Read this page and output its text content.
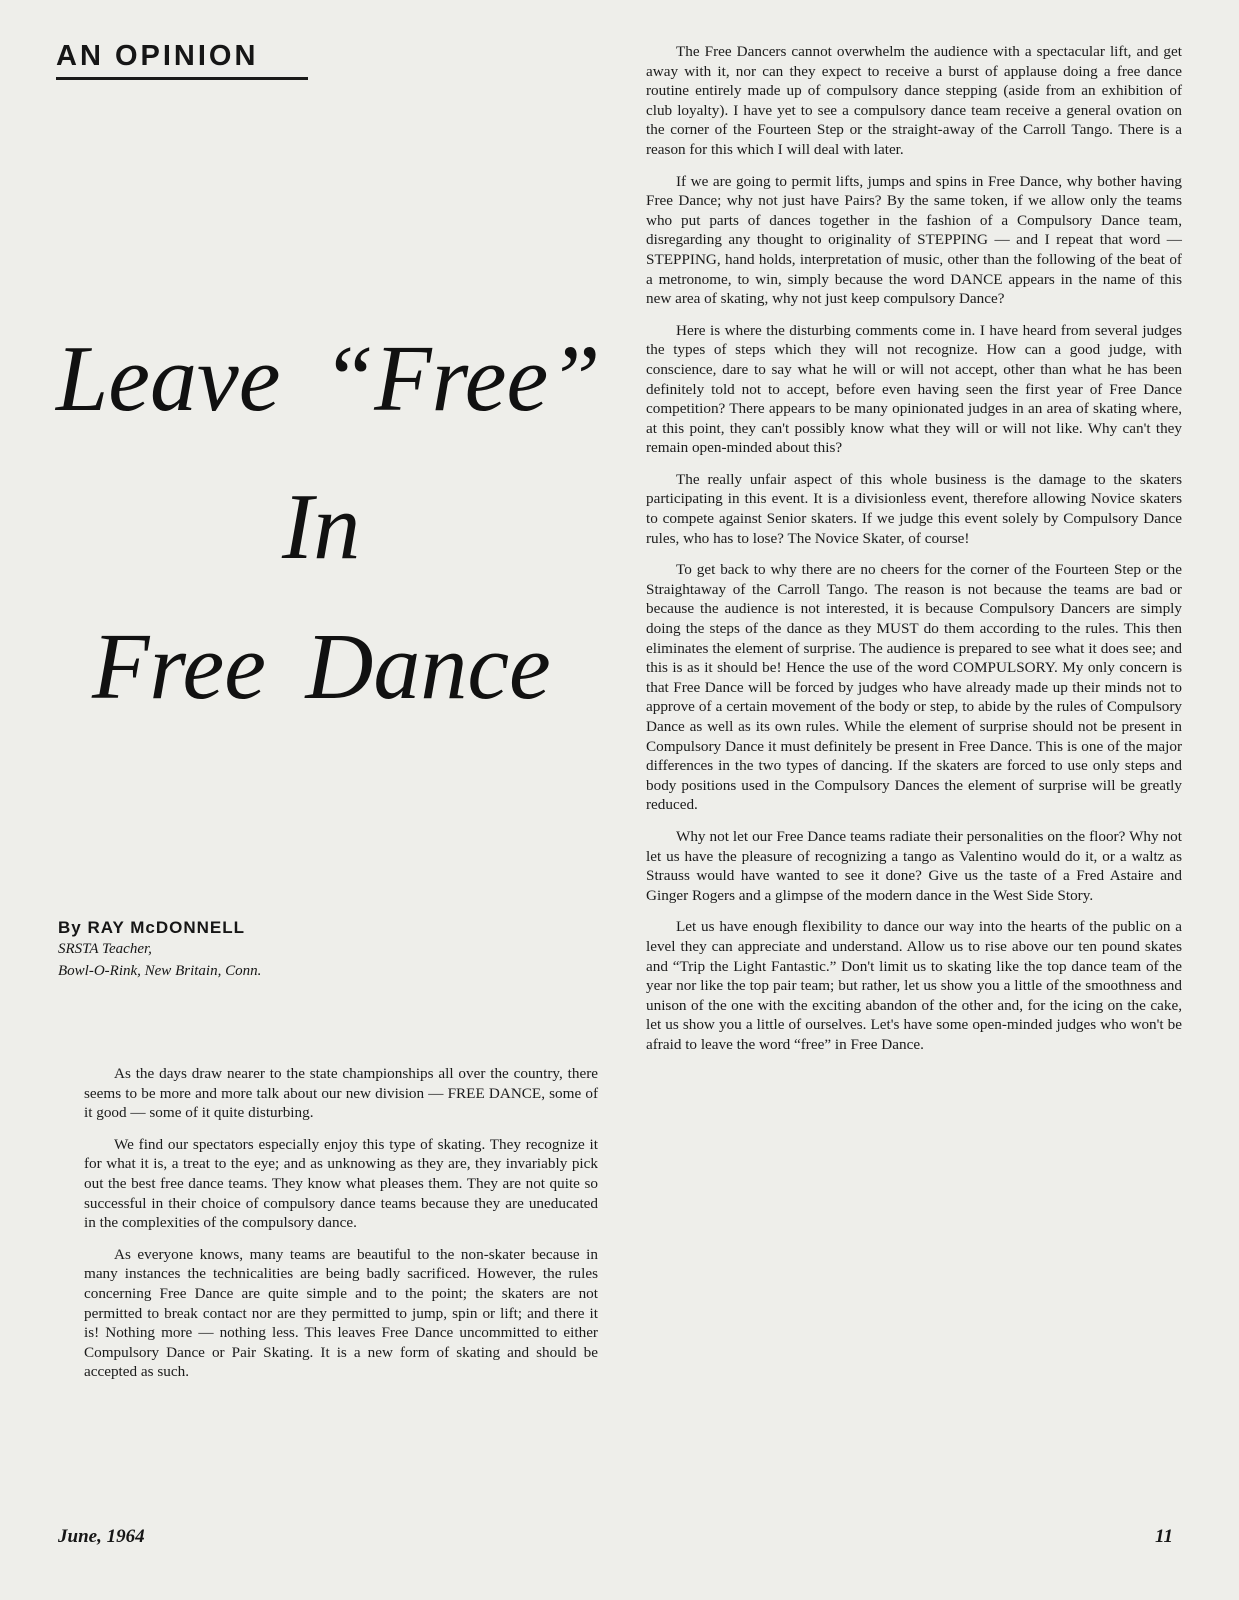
AN OPINION
Leave “Free”
In
Free Dance
By RAY McDONNELL
SRSTA Teacher,
Bowl-O-Rink, New Britain, Conn.

As the days draw nearer to the state championships all over the country, there seems to be more and more talk about our new division — FREE DANCE, some of it good — some of it quite disturbing.

We find our spectators especially enjoy this type of skating. They recognize it for what it is, a treat to the eye; and as unknowing as they are, they invariably pick out the best free dance teams. They know what pleases them. They are not quite so successful in their choice of compulsory dance teams because they are uneducated in the complexities of the compulsory dance.

As everyone knows, many teams are beautiful to the non-skater because in many instances the technicalities are being badly sacrificed. However, the rules concerning Free Dance are quite simple and to the point; the skaters are not permitted to break contact nor are they permitted to jump, spin or lift; and there it is! Nothing more — nothing less. This leaves Free Dance uncommitted to either Compulsory Dance or Pair Skating. It is a new form of skating and should be accepted as such.

The Free Dancers cannot overwhelm the audience with a spectacular lift, and get away with it, nor can they expect to receive a burst of applause doing a free dance routine entirely made up of compulsory dance stepping (aside from an exhibition of club loyalty). I have yet to see a compulsory dance team receive a general ovation on the corner of the Fourteen Step or the straight-away of the Carroll Tango. There is a reason for this which I will deal with later.

If we are going to permit lifts, jumps and spins in Free Dance, why bother having Free Dance; why not just have Pairs? By the same token, if we allow only the teams who put parts of dances together in the fashion of a Compulsory Dance team, disregarding any thought to originality of STEPPING — and I repeat that word — STEPPING, hand holds, interpretation of music, other than the following of the beat of a metronome, to win, simply because the word DANCE appears in the name of this new area of skating, why not just keep compulsory Dance?

Here is where the disturbing comments come in. I have heard from several judges the types of steps which they will not recognize. How can a good judge, with conscience, dare to say what he will or will not accept, other than what he has been definitely told not to accept, before even having seen the first year of Free Dance competition? There appears to be many opinionated judges in an area of skating where, at this point, they can't possibly know what they will or will not like. Why can't they remain open-minded about this?

The really unfair aspect of this whole business is the damage to the skaters participating in this event. It is a divisionless event, therefore allowing Novice skaters to compete against Senior skaters. If we judge this event solely by Compulsory Dance rules, who has to lose? The Novice Skater, of course!

To get back to why there are no cheers for the corner of the Fourteen Step or the Straightaway of the Carroll Tango. The reason is not because the teams are bad or because the audience is not interested, it is because Compulsory Dancers are simply doing the steps of the dance as they MUST do them according to the rules. This then eliminates the element of surprise. The audience is prepared to see what it does see; and this is as it should be! Hence the use of the word COMPULSORY. My only concern is that Free Dance will be forced by judges who have already made up their minds not to approve of a certain movement of the body or step, to abide by the rules of Compulsory Dance as well as its own rules. While the element of surprise should not be present in Compulsory Dance it must definitely be present in Free Dance. This is one of the major differences in the two types of dancing. If the skaters are forced to use only steps and body positions used in the Compulsory Dances the element of surprise will be greatly reduced.

Why not let our Free Dance teams radiate their personalities on the floor? Why not let us have the pleasure of recognizing a tango as Valentino would do it, or a waltz as Strauss would have wanted to see it done? Give us the taste of a Fred Astaire and Ginger Rogers and a glimpse of the modern dance in the West Side Story.

Let us have enough flexibility to dance our way into the hearts of the public on a level they can appreciate and understand. Allow us to rise above our ten pound skates and “Trip the Light Fantastic.” Don't limit us to skating like the top dance team of the year nor like the top pair team; but rather, let us show you a little of the smoothness and unison of the one with the exciting abandon of the other and, for the icing on the cake, let us show you a little of ourselves. Let's have some open-minded judges who won't be afraid to leave the word “free” in Free Dance.

June, 1964	11
